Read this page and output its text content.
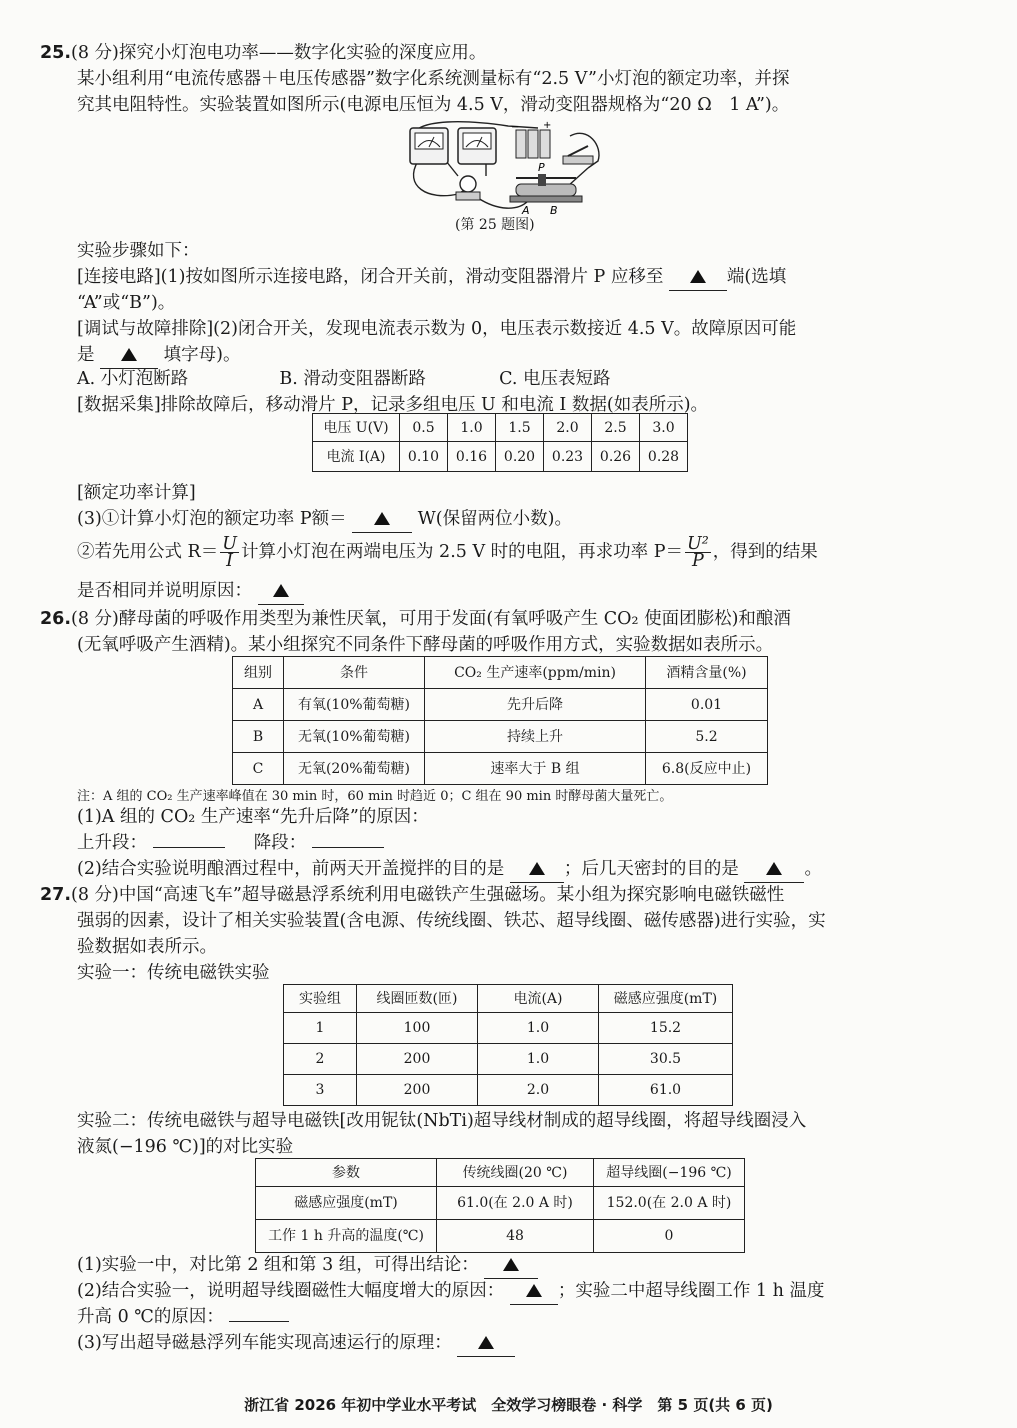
25.(8 分)探究小灯泡电功率——数字化实验的深度应用。
某小组利用“电流传感器＋电压传感器”数字化系统测量标有“2.5 V”小灯泡的额定功率，并探
究其电阻特性。实验装置如图所示(电源电压恒为 4.5 V，滑动变阻器规格为“20 Ω　1 A”)。
+
−
P
A B
(第 25 题图)
实验步骤如下：
[连接电路](1)按如图所示连接电路，闭合开关前，滑动变阻器滑片 P 应移至	端(选填
“A”或“B”)。
[调试与故障排除](2)闭合开关，发现电流表示数为 0，电压表示数接近 4.5 V。故障原因可能
是	填字母)。
A. 小灯泡断路	B. 滑动变阻器断路	C. 电压表短路
[数据采集]排除故障后，移动滑片 P，记录多组电压 U 和电流 I 数据(如表所示)。
电压 U(V)	0.5	1.0	1.5	2.0	2.5	3.0
电流 I(A)	0.10	0.16	0.20	0.23	0.26	0.28
[额定功率计算]
(3)①计算小灯泡的额定功率 P额＝	W(保留两位小数)。
②若先用公式 $R= \frac{U}{I}$ 计算小灯泡在两端电压为 2.5 V 时的电阻，再求功率 $P= \frac{\text{U²}}{P}$ ，得到的结果
是否相同并说明原因：
26.(8 分)酵母菌的呼吸作用类型为兼性厌氧，可用于发面(有氧呼吸产生 CO₂ 使面团膨松)和酿酒
(无氧呼吸产生酒精)。某小组探究不同条件下酵母菌的呼吸作用方式，实验数据如表所示。
组别	条件	CO₂ 生产速率(ppm/min)	酒精含量(%)
A	有氧(10%葡萄糖)	先升后降	0.01
B	无氧(10%葡萄糖)	持续上升	5.2
C	无氧(20%葡萄糖)	速率大于 B 组	6.8(反应中止)
注：A 组的 CO₂ 生产速率峰值在 30 min 时，60 min 时趋近 0；C 组在 90 min 时酵母菌大量死亡。
(1)A 组的 CO₂ 生产速率“先升后降”的原因：
上升段：	降段：
(2)结合实验说明酿酒过程中，前两天开盖搅拌的目的是	；后几天密封的目的是	。
27.(8 分)中国“高速飞车”超导磁悬浮系统利用电磁铁产生强磁场。某小组为探究影响电磁铁磁性
强弱的因素，设计了相关实验装置(含电源、传统线圈、铁芯、超导线圈、磁传感器)进行实验，实
验数据如表所示。
实验一：传统电磁铁实验
实验组	线圈匝数(匝)	电流(A)	磁感应强度(mT)
1	100	1.0	15.2
2	200	1.0	30.5
3	200	2.0	61.0
实验二：传统电磁铁与超导电磁铁[改用铌钛(NbTi)超导线材制成的超导线圈，将超导线圈浸入
液氮(−196 ℃)]的对比实验
参数	传统线圈(20 ℃)	超导线圈(−196 ℃)
磁感应强度(mT)	61.0(在 2.0 A 时)	152.0(在 2.0 A 时)
工作 1 h 升高的温度(℃)	48	0
(1)实验一中，对比第 2 组和第 3 组，可得出结论：
(2)结合实验一，说明超导线圈磁性大幅度增大的原因：	；实验二中超导线圈工作 1 h 温度
升高 0 ℃的原因：
(3)写出超导磁悬浮列车能实现高速运行的原理：
浙江省 2026 年初中学业水平考试　全效学习榜眼卷 · 科学　第 5 页(共 6 页)
